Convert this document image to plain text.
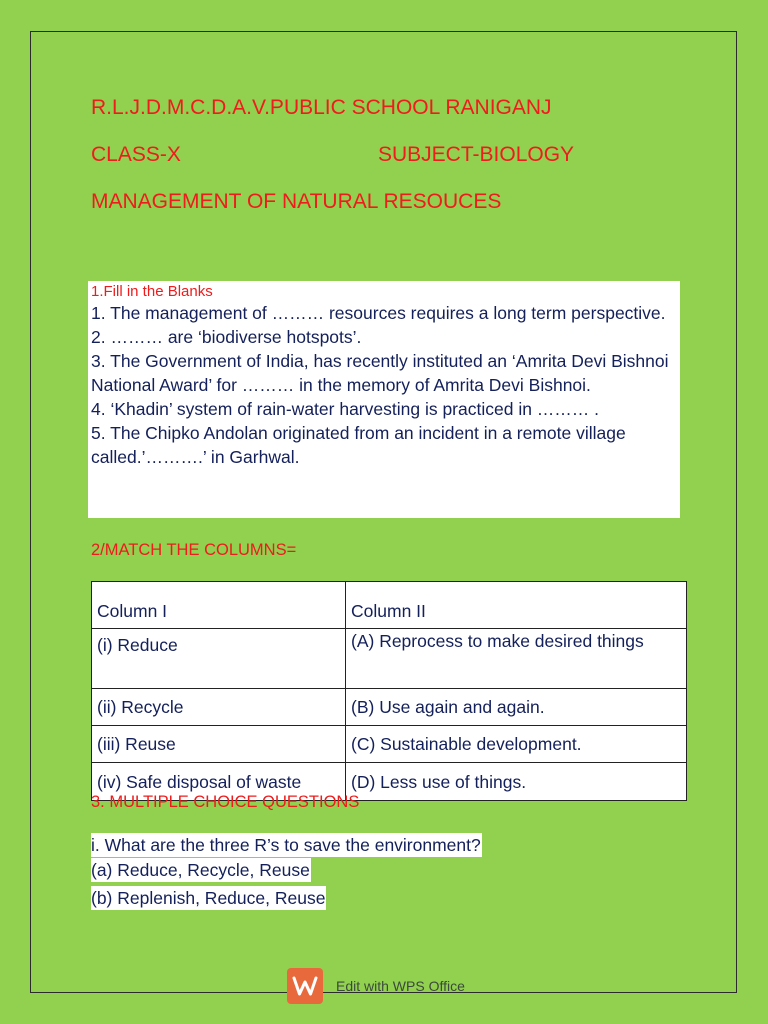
R.L.J.D.M.C.D.A.V.PUBLIC SCHOOL RANIGANJ
CLASS-X	SUBJECT-BIOLOGY
MANAGEMENT OF NATURAL RESOUCES
1.Fill in the Blanks
1. The management of ……… resources requires a long term perspective.
2. ……… are ‘biodiverse hotspots’.
3. The Government of India, has recently instituted an ‘Amrita Devi Bishnoi National Award’ for ……… in the memory of Amrita Devi Bishnoi.
4. ‘Khadin’ system of rain-water harvesting is practiced in ……… .
5. The Chipko Andolan originated from an incident in a remote village called.’……….’ in Garhwal.
2/MATCH THE COLUMNS=
Column I	Column II
(i) Reduce	(A) Reprocess to make desired things
(ii) Recycle	(B) Use again and again.
(iii) Reuse	(C) Sustainable development.
(iv) Safe disposal of waste	(D) Less use of things.
3. MULTIPLE CHOICE QUESTIONS
i. What are the three R’s to save the environment?
(a) Reduce, Recycle, Reuse
(b) Replenish, Reduce, Reuse
Edit with WPS Office
